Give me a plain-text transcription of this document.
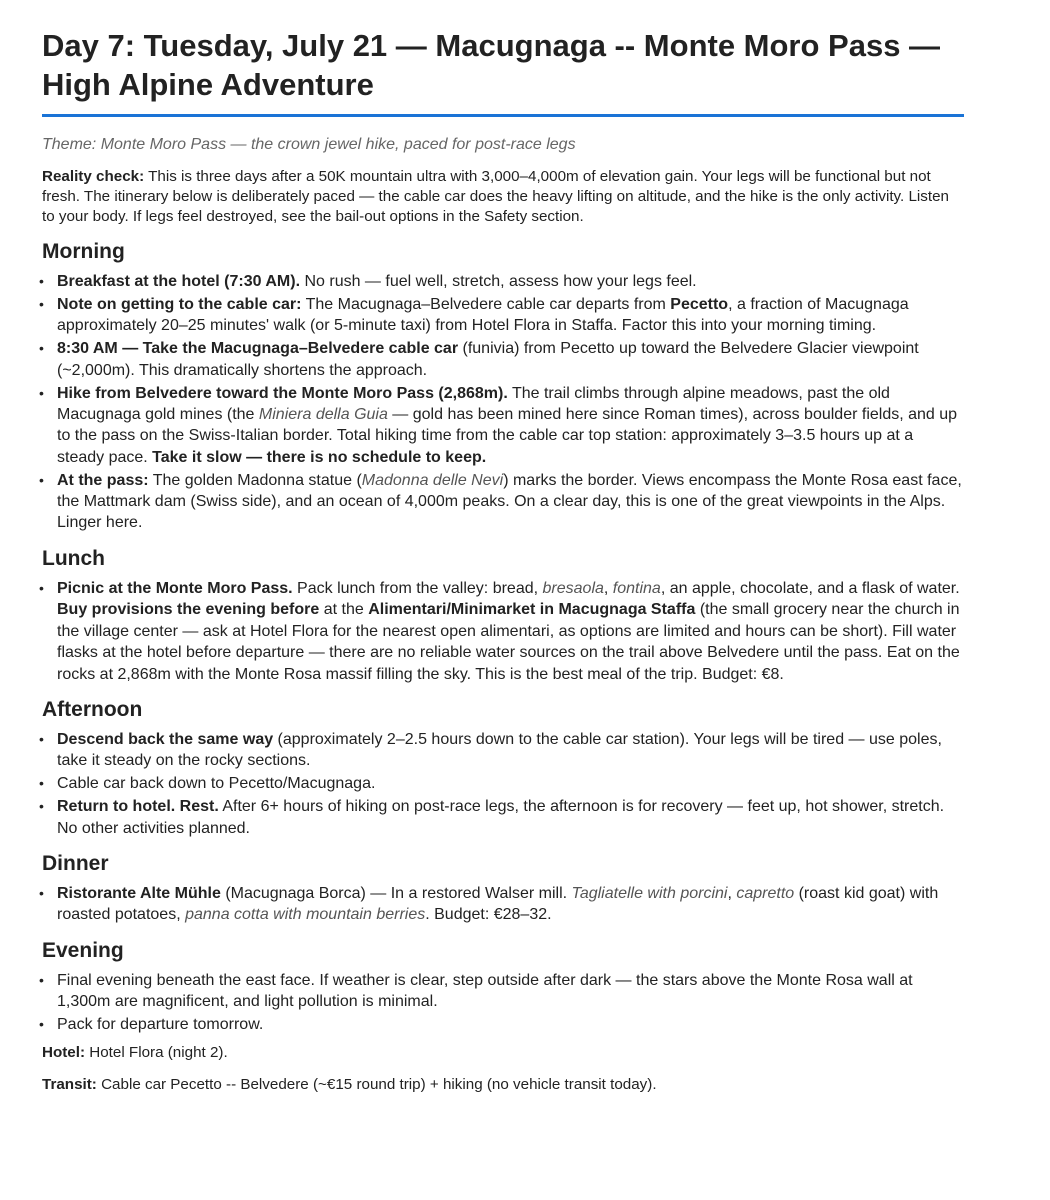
Day 7: Tuesday, July 21 — Macugnaga -- Monte Moro Pass — High Alpine Adventure

Theme: Monte Moro Pass — the crown jewel hike, paced for post-race legs

Reality check: This is three days after a 50K mountain ultra with 3,000–4,000m of elevation gain. Your legs will be functional but not fresh. The itinerary below is deliberately paced — the cable car does the heavy lifting on altitude, and the hike is the only activity. Listen to your body. If legs feel destroyed, see the bail-out options in the Safety section.

Morning
• Breakfast at the hotel (7:30 AM). No rush — fuel well, stretch, assess how your legs feel.
• Note on getting to the cable car: The Macugnaga–Belvedere cable car departs from Pecetto, a fraction of Macugnaga approximately 20–25 minutes' walk (or 5-minute taxi) from Hotel Flora in Staffa. Factor this into your morning timing.
• 8:30 AM — Take the Macugnaga–Belvedere cable car (funivia) from Pecetto up toward the Belvedere Glacier viewpoint (~2,000m). This dramatically shortens the approach.
• Hike from Belvedere toward the Monte Moro Pass (2,868m). The trail climbs through alpine meadows, past the old Macugnaga gold mines (the Miniera della Guia — gold has been mined here since Roman times), across boulder fields, and up to the pass on the Swiss-Italian border. Total hiking time from the cable car top station: approximately 3–3.5 hours up at a steady pace. Take it slow — there is no schedule to keep.
• At the pass: The golden Madonna statue (Madonna delle Nevi) marks the border. Views encompass the Monte Rosa east face, the Mattmark dam (Swiss side), and an ocean of 4,000m peaks. On a clear day, this is one of the great viewpoints in the Alps. Linger here.
Lunch
• Picnic at the Monte Moro Pass. Pack lunch from the valley: bread, bresaola, fontina, an apple, chocolate, and a flask of water. Buy provisions the evening before at the Alimentari/Minimarket in Macugnaga Staffa (the small grocery near the church in the village center — ask at Hotel Flora for the nearest open alimentari, as options are limited and hours can be short). Fill water flasks at the hotel before departure — there are no reliable water sources on the trail above Belvedere until the pass. Eat on the rocks at 2,868m with the Monte Rosa massif filling the sky. This is the best meal of the trip. Budget: €8.
Afternoon
• Descend back the same way (approximately 2–2.5 hours down to the cable car station). Your legs will be tired — use poles, take it steady on the rocky sections.
• Cable car back down to Pecetto/Macugnaga.
• Return to hotel. Rest. After 6+ hours of hiking on post-race legs, the afternoon is for recovery — feet up, hot shower, stretch. No other activities planned.
Dinner
• Ristorante Alte Mühle (Macugnaga Borca) — In a restored Walser mill. Tagliatelle with porcini, capretto (roast kid goat) with roasted potatoes, panna cotta with mountain berries. Budget: €28–32.
Evening
• Final evening beneath the east face. If weather is clear, step outside after dark — the stars above the Monte Rosa wall at 1,300m are magnificent, and light pollution is minimal.
• Pack for departure tomorrow.

Hotel: Hotel Flora (night 2).

Transit: Cable car Pecetto -- Belvedere (~€15 round trip) + hiking (no vehicle transit today).
